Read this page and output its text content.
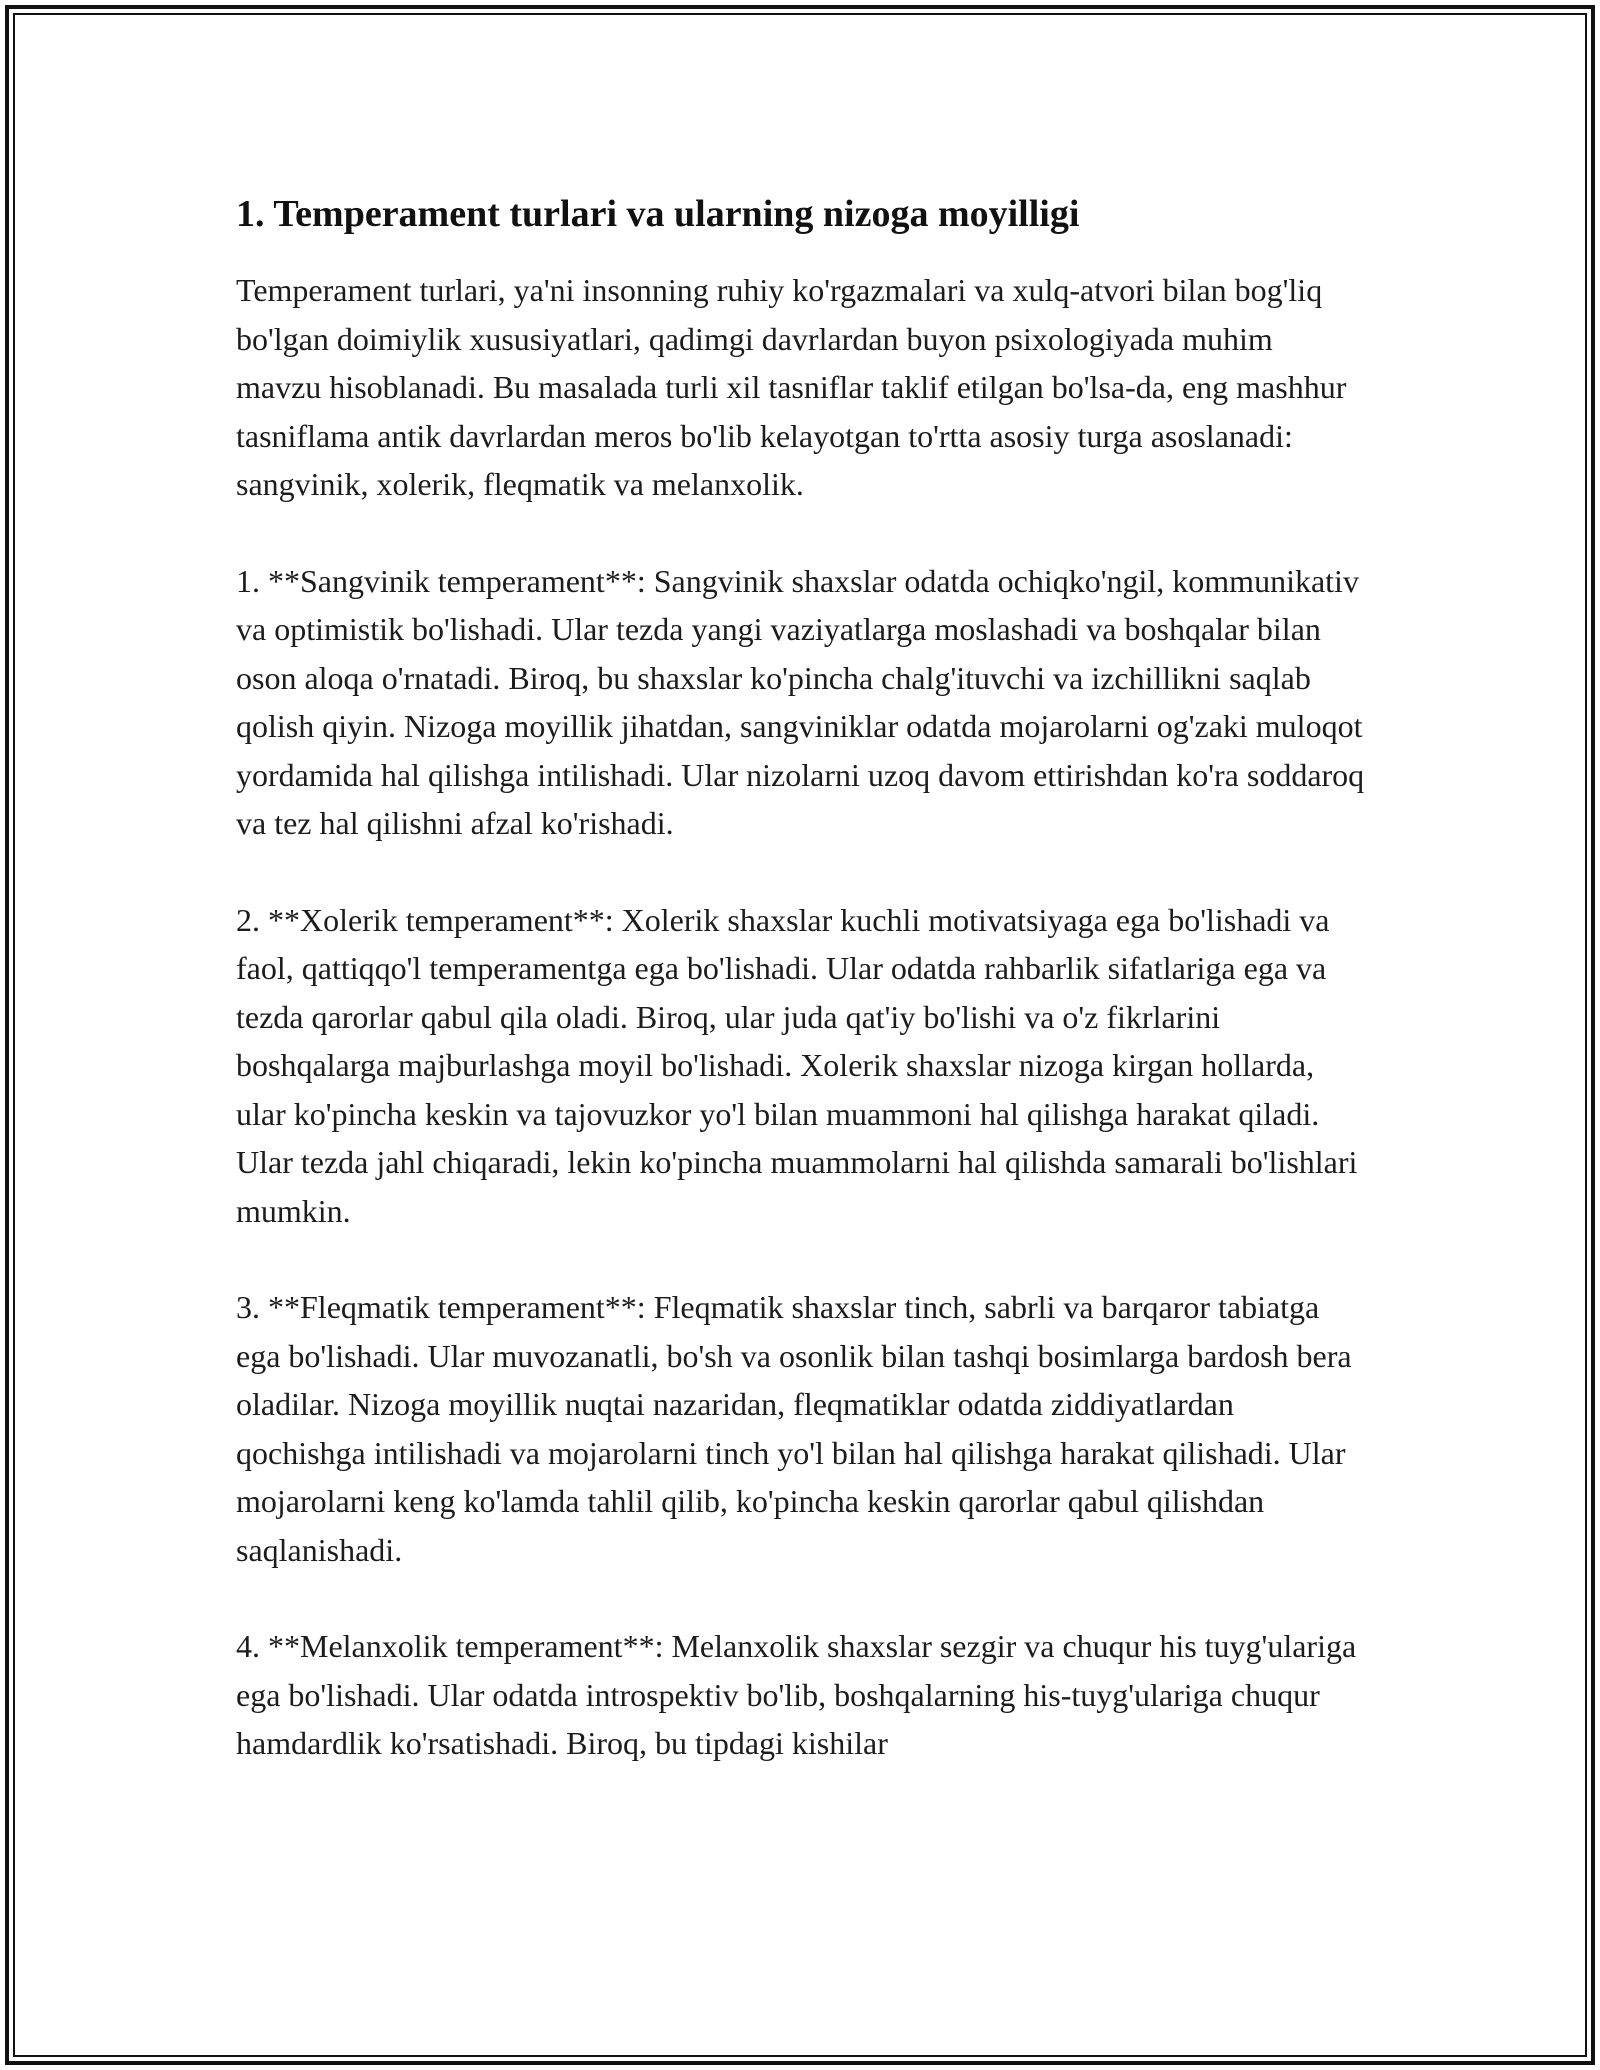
1. Temperament turlari va ularning nizoga moyilligi

Temperament turlari, ya'ni insonning ruhiy ko'rgazmalari va xulq-atvori bilan bog'liq bo'lgan doimiylik xususiyatlari, qadimgi davrlardan buyon psixologiyada muhim mavzu hisoblanadi. Bu masalada turli xil tasniflar taklif etilgan bo'lsa-da, eng mashhur tasniflama antik davrlardan meros bo'lib kelayotgan to'rtta asosiy turga asoslanadi: sangvinik, xolerik, fleqmatik va melanxolik.

1. **Sangvinik temperament**: Sangvinik shaxslar odatda ochiqko'ngil, kommunikativ va optimistik bo'lishadi. Ular tezda yangi vaziyatlarga moslashadi va boshqalar bilan oson aloqa o'rnatadi. Biroq, bu shaxslar ko'pincha chalg'ituvchi va izchillikni saqlab qolish qiyin. Nizoga moyillik jihatdan, sangviniklar odatda mojarolarni og'zaki muloqot yordamida hal qilishga intilishadi. Ular nizolarni uzoq davom ettirishdan ko'ra soddaroq va tez hal qilishni afzal ko'rishadi.

2. **Xolerik temperament**: Xolerik shaxslar kuchli motivatsiyaga ega bo'lishadi va faol, qattiqqo'l temperamentga ega bo'lishadi. Ular odatda rahbarlik sifatlariga ega va tezda qarorlar qabul qila oladi. Biroq, ular juda qat'iy bo'lishi va o'z fikrlarini boshqalarga majburlashga moyil bo'lishadi. Xolerik shaxslar nizoga kirgan hollarda, ular ko'pincha keskin va tajovuzkor yo'l bilan muammoni hal qilishga harakat qiladi. Ular tezda jahl chiqaradi, lekin ko'pincha muammolarni hal qilishda samarali bo'lishlari mumkin.

3. **Fleqmatik temperament**: Fleqmatik shaxslar tinch, sabrli va barqaror tabiatga ega bo'lishadi. Ular muvozanatli, bo'sh va osonlik bilan tashqi bosimlarga bardosh bera oladilar. Nizoga moyillik nuqtai nazaridan, fleqmatiklar odatda ziddiyatlardan qochishga intilishadi va mojarolarni tinch yo'l bilan hal qilishga harakat qilishadi. Ular mojarolarni keng ko'lamda tahlil qilib, ko'pincha keskin qarorlar qabul qilishdan saqlanishadi.

4. **Melanxolik temperament**: Melanxolik shaxslar sezgir va chuqur his tuyg'ulariga ega bo'lishadi. Ular odatda introspektiv bo'lib, boshqalarning his-tuyg'ulariga chuqur hamdardlik ko'rsatishadi. Biroq, bu tipdagi kishilar
